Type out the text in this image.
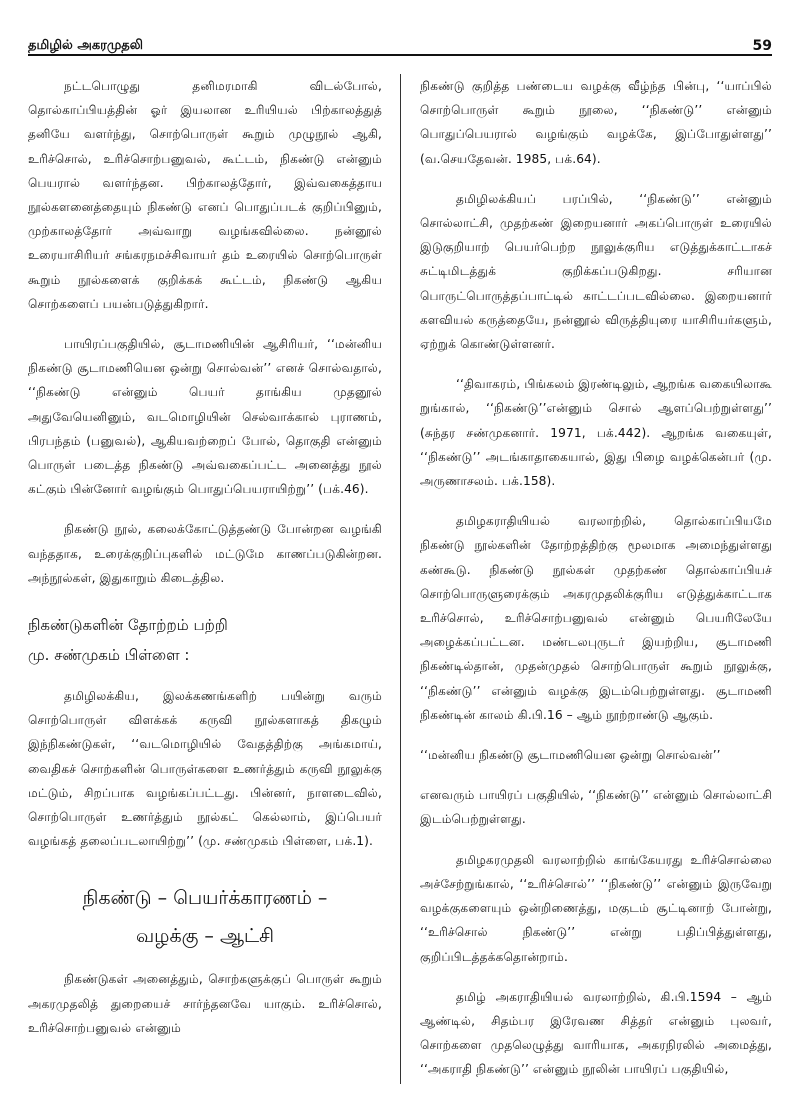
தமிழில் அகரமுதலி	59

நட்டபொழுது தனிமரமாகி விடல்போல், தொல்காப்பியத்தின் ஓர் இயலான உரியியல் பிற்காலத்துத் தனியே வளர்ந்து, சொற்பொருள் கூறும் முழுநூல் ஆகி, உரிச்சொல், உரிச்சொற்பனுவல், கூட்டம், நிகண்டு என்னும் பெயரால் வளர்ந்தன. பிற்காலத்தோர், இவ்வகைத்தாய நூல்களனைத்தையும் நிகண்டு எனப் பொதுப்படக் குறிப்பினும், முற்காலத்தோர் அவ்வாறு வழங்கவில்லை. நன்னூல் உரையாசிரியர் சங்கரநமச்சிவாயர் தம் உரையில் சொற்பொருள் கூறும் நூல்களைக் குறிக்கக் கூட்டம், நிகண்டு ஆகிய சொற்களைப் பயன்படுத்துகிறார்.

பாயிரப்பகுதியில், சூடாமணியின் ஆசிரியர், ‘‘மன்னிய நிகண்டு சூடாமணியென ஒன்று சொல்வன்’’ எனச் சொல்வதால், ‘‘நிகண்டு என்னும் பெயர் தாங்கிய முதனூல் அதுவேயெனினும், வடமொழியின் செல்வாக்கால் புராணம், பிரபந்தம் (பனுவல்), ஆகியவற்றைப் போல், தொகுதி என்னும் பொருள் படைத்த நிகண்டு அவ்வகைப்பட்ட அனைத்து நூல் கட்கும் பின்னோர் வழங்கும் பொதுப்பெயராயிற்று’’ (பக்.46).

நிகண்டு நூல், கலைக்கோட்டுத்தண்டு போன்றன வழங்கி வந்ததாக, உரைக்குறிப்புகளில் மட்டுமே காணப்படுகின்றன. அந்நூல்கள், இதுகாறும் கிடைத்தில.

நிகண்டுகளின் தோற்றம் பற்றி
மு. சண்முகம் பிள்ளை :

தமிழிலக்கிய, இலக்கணங்களிற் பயின்று வரும் சொற்பொருள் விளக்கக் கருவி நூல்களாகத் திகழும் இந்நிகண்டுகள், ‘‘வடமொழியில் வேதத்திற்கு அங்கமாய், வைதிகச் சொற்களின் பொருள்களை உணர்த்தும் கருவி நூலுக்கு மட்டும், சிறப்பாக வழங்கப்பட்டது. பின்னர், நாளடைவில், சொற்பொருள் உணர்த்தும் நூல்கட் கெல்லாம், இப்பெயர் வழங்கத் தலைப்படலாயிற்று’’ (மு. சண்முகம் பிள்ளை, பக்.1).

நிகண்டு – பெயர்க்காரணம் –
வழக்கு – ஆட்சி

நிகண்டுகள் அனைத்தும், சொற்களுக்குப் பொருள் கூறும் அகரமுதலித் துறையைச் சார்ந்தனவே யாகும். உரிச்சொல், உரிச்சொற்பனுவல் என்னும்

நிகண்டு குறித்த பண்டைய வழக்கு வீழ்ந்த பின்பு, ‘‘யாப்பில் சொற்பொருள் கூறும் நூலை, ‘‘நிகண்டு’’ என்னும் பொதுப்பெயரால் வழங்கும் வழக்கே, இப்போதுள்ளது’’ (வ.செயதேவன். 1985, பக்.64).

தமிழிலக்கியப் பரப்பில், ‘‘நிகண்டு’’ என்னும் சொல்லாட்சி, முதற்கண் இறையனார் அகப்பொருள் உரையில் இடுகுறியாற் பெயர்பெற்ற நூலுக்குரிய எடுத்துக்காட்டாகச் சுட்டிமிடத்துக் குறிக்கப்படுகிறது. சரியான பொருட்பொருத்தப்பாட்டில் காட்டப்படவில்லை. இறையனார் களவியல் கருத்தையே, நன்னூல் விருத்தியுரை யாசிரியர்களும், ஏற்றுக் கொண்டுள்ளனர்.

‘‘திவாகரம், பிங்கலம் இரண்டிலும், ஆறங்க வகையிலாகூ றுங்கால், ‘‘நிகண்டு’’என்னும் சொல் ஆளப்பெற்றுள்ளது’’ (சுந்தர சண்முகனார். 1971, பக்.442). ஆறங்க வகையுள், ‘‘நிகண்டு’’ அடங்காதாகையால், இது பிழை வழக்கென்பர் (மு. அருணாசலம். பக்.158).

தமிழகராதியியல் வரலாற்றில், தொல்காப்பியமே நிகண்டு நூல்களின் தோற்றத்திற்கு மூலமாக அமைந்துள்ளது கண்கூடு. நிகண்டு நூல்கள் முதற்கண் தொல்காப்பியச் சொற்பொருளுரைக்கும் அகரமுதலிக்குரிய எடுத்துக்காட்டாக உரிச்சொல், உரிச்சொற்பனுவல் என்னும் பெயரிலேயே அழைக்கப்பட்டன. மண்டலபுருடர் இயற்றிய, சூடாமணி நிகண்டில்தான், முதன்முதல் சொற்பொருள் கூறும் நூலுக்கு, ‘‘நிகண்டு’’ என்னும் வழக்கு இடம்பெற்றுள்ளது. சூடாமணி நிகண்டின் காலம் கி.பி.16 – ஆம் நூற்றாண்டு ஆகும்.

‘‘மன்னிய நிகண்டு சூடாமணியென ஒன்று சொல்வன்’’

எனவரும் பாயிரப் பகுதியில், ‘‘நிகண்டு’’ என்னும் சொல்லாட்சி இடம்பெற்றுள்ளது.

தமிழகரமுதலி வரலாற்றில் காங்கேயரது உரிச்சொல்லை அச்சேற்றுங்கால், ‘‘உரிச்சொல்’’ ‘‘நிகண்டு’’ என்னும் இருவேறு வழக்குகளையும் ஒன்றிணைத்து, மகுடம் சூட்டினாற் போன்று, ‘‘உரிச்சொல் நிகண்டு’’ என்று பதிப்பித்துள்ளது, குறிப்பிடத்தக்கதொன்றாம்.

தமிழ் அகராதியியல் வரலாற்றில், கி.பி.1594 – ஆம் ஆண்டில், சிதம்பர இரேவண சித்தர் என்னும் புலவர், சொற்களை முதலெழுத்து வாரியாக, அகரநிரலில் அமைத்து, ‘‘அகராதி நிகண்டு’’ என்னும் நூலின் பாயிரப் பகுதியில்,
